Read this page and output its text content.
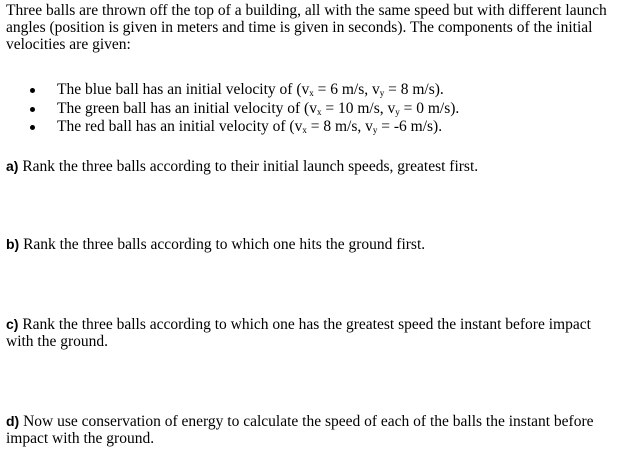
Three balls are thrown off the top of a building, all with the same speed but with different launch angles (position is given in meters and time is given in seconds). The components of the initial velocities are given:

The blue ball has an initial velocity of ($v_x = 6$ m/s, $v_y = 8$ m/s).
The green ball has an initial velocity of ($v_x = 10$ m/s, $v_y = 0$ m/s).
The red ball has an initial velocity of ($v_x = 8$ m/s, $v_y = -6$ m/s).

a) Rank the three balls according to their initial launch speeds, greatest first.

b) Rank the three balls according to which one hits the ground first.

c) Rank the three balls according to which one has the greatest speed the instant before impact with the ground.

d) Now use conservation of energy to calculate the speed of each of the balls the instant before impact with the ground.
